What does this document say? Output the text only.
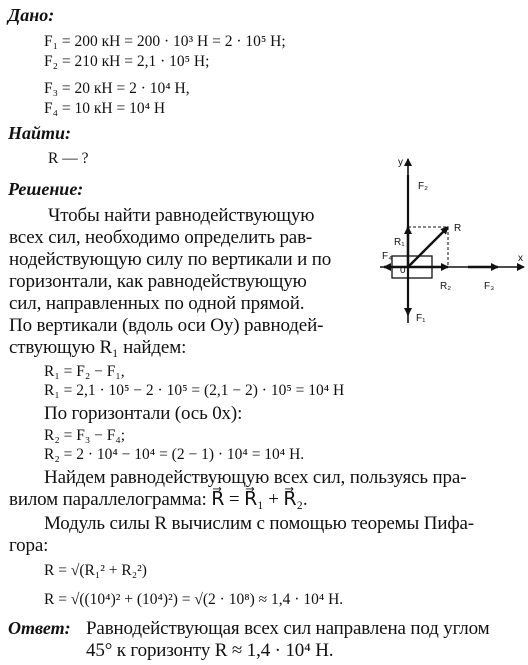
Дано:
F₁ = 200 кН = 200 · 10³ Н = 2 · 10⁵ Н;
F₂ = 210 кН = 2,1 · 10⁵ Н;
F₃ = 20 кН = 2 · 10⁴ Н,
F₄ = 10 кН = 10⁴ Н
Найти:
R — ?
Решение:
Чтобы найти равнодействующую
всех сил, необходимо определить рав-
нодействующую силу по вертикали и по
горизонтали, как равнодействующую
сил, направленных по одной прямой.
По вертикали (вдоль оси Oy) равнодей-
ствующую R₁ найдем:
R₁ = F₂ − F₁,
R₁ = 2,1 · 10⁵ − 2 · 10⁵ = (2,1 − 2) · 10⁵ = 10⁴ Н
По горизонтали (ось 0x):
R₂ = F₃ − F₄;
R₂ = 2 · 10⁴ − 10⁴ = (2 − 1) · 10⁴ = 10⁴ Н.
Найдем равнодействующую всех сил, пользуясь пра-
вилом параллелограмма: R⃗ = R⃗₁ + R⃗₂.
Модуль силы R вычислим с помощью теоремы Пифа-
гора:
R = √(R₁² + R₂²)
R = √((10⁴)² + (10⁴)²) = √(2 · 10⁸) ≈ 1,4 · 10⁴ Н.
Ответ: Равнодействующая всех сил направлена под углом
45° к горизонту R ≈ 1,4 · 10⁴ Н.
y
x
0
F₂
R₁
R
F₄
R₂	F₃
F₁
